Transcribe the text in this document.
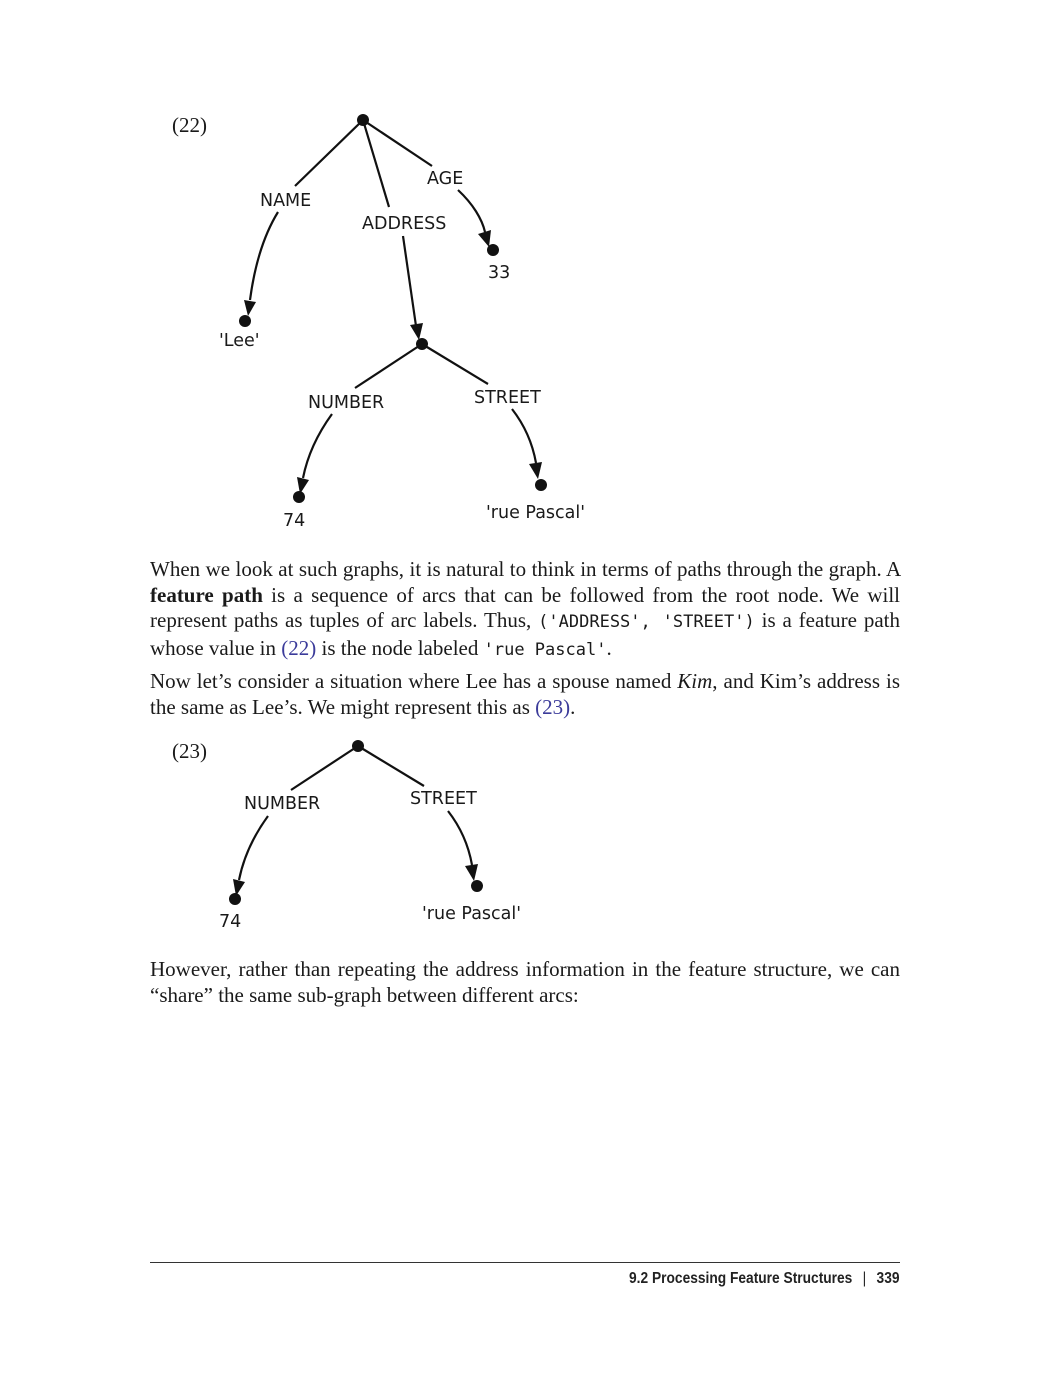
(22)
NAME
ADDRESS
AGE
NUMBER	STREET
'Lee'
33
74	'rue Pascal'

When we look at such graphs, it is natural to think in terms of paths through the graph. A feature path is a sequence of arcs that can be followed from the root node. We will represent paths as tuples of arc labels. Thus, ('ADDRESS', 'STREET') is a feature path whose value in (22) is the node labeled 'rue Pascal'.

Now let’s consider a situation where Lee has a spouse named Kim, and Kim’s address is the same as Lee’s. We might represent this as (23).

(23)
NUMBER	STREET
74	'rue Pascal'

However, rather than repeating the address information in the feature structure, we can “share” the same sub-graph between different arcs:

9.2 Processing Feature Structures | 339
